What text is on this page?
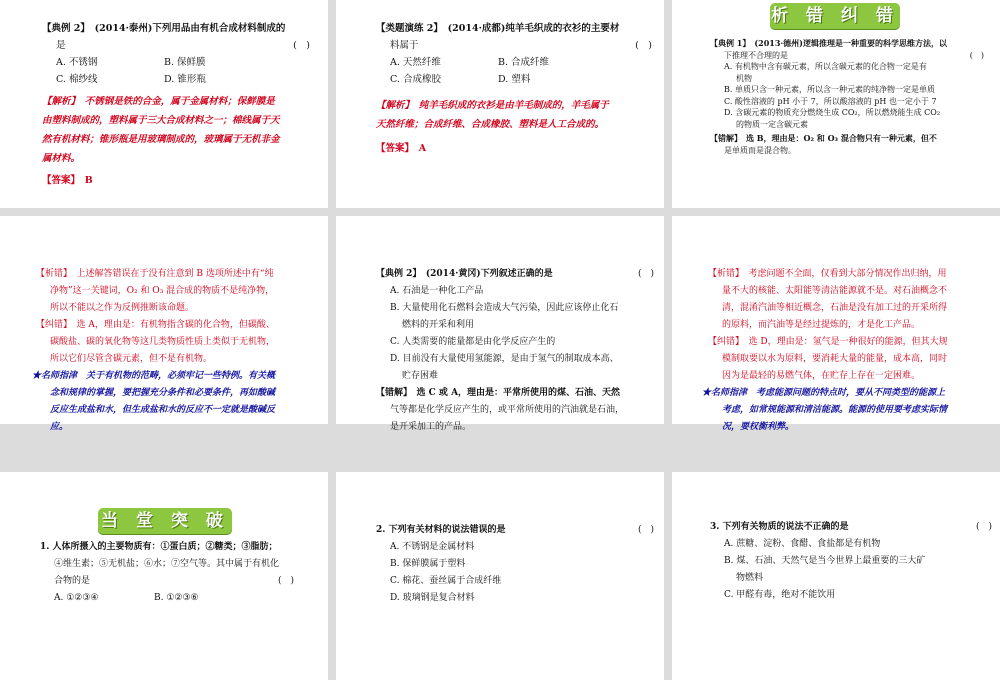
【典例 2】　(2014·泰州)下列用品由有机合成材料制成的
是	(　)
A. 不锈钢	B. 保鲜膜
C. 棉纱线	D. 锥形瓶
【解析】　不锈钢是铁的合金，属于金属材料；保鲜膜是
由塑料制成的，塑料属于三大合成材料之一；棉线属于天
然有机材料；锥形瓶是用玻璃制成的，玻璃属于无机非金
属材料。
【答案】　B
【类题演练 2】　(2014·成都)纯羊毛织成的衣衫的主要材
料属于	(　)
A. 天然纤维	B. 合成纤维
C. 合成橡胶	D. 塑料
【解析】　纯羊毛织成的衣衫是由羊毛制成的，羊毛属于
天然纤维；合成纤维、合成橡胶、塑料是人工合成的。
【答案】　A
析 错 纠 错
【典例 1】　(2013·德州)逻辑推理是一种重要的科学思维方法，以
下推理不合理的是	(　)
A. 有机物中含有碳元素，所以含碳元素的化合物一定是有
机物
B. 单质只含一种元素，所以含一种元素的纯净物一定是单质
C. 酸性溶液的 pH 小于 7，所以酸溶液的 pH 也一定小于 7
D. 含碳元素的物质充分燃烧生成 CO₂，所以燃烧能生成 CO₂
的物质一定含碳元素
【错解】　选 B，理由是：O₂ 和 O₃ 混合物只有一种元素，但不
是单质而是混合物。
【析错】　上述解答错误在于没有注意到 B 选项所述中有“纯
净物”这一关键词，O₂ 和 O₃ 混合成的物质不是纯净物，
所以不能以之作为反例推断该命题。
【纠错】　选 A，理由是：有机物指含碳的化合物，但碳酸、
碳酸盐、碳的氧化物等这几类物质性质上类似于无机物，
所以它们尽管含碳元素，但不是有机物。
★名师指津　关于有机物的范畴，必须牢记一些特例。有关概
念和规律的掌握，要把握充分条件和必要条件，再如酸碱
反应生成盐和水，但生成盐和水的反应不一定就是酸碱反
应。
【典例 2】　(2014·黄冈)下列叙述正确的是	(　)
A. 石油是一种化工产品
B. 大量使用化石燃料会造成大气污染，因此应该停止化石
燃料的开采和利用
C. 人类需要的能量都是由化学反应产生的
D. 目前没有大量使用氢能源，是由于氢气的制取成本高、
贮存困难
【错解】　选 C 或 A，理由是：平常所使用的煤、石油、天然
气等都是化学反应产生的，或平常所使用的汽油就是石油，
是开采加工的产品。
【析错】　考虑问题不全面，仅看到大部分情况作出归纳，用
量不大的核能、太阳能等清洁能源就不是。对石油概念不
清，混淆汽油等相近概念，石油是没有加工过的开采所得
的原料，而汽油等是经过提炼的，才是化工产品。
【纠错】　选 D，理由是：氢气是一种很好的能源，但其大规
模制取要以水为原料，要消耗大量的能量，成本高，同时
因为是最轻的易燃气体，在贮存上存在一定困难。
★名师指津　考虑能源问题的特点时，要从不同类型的能源上
考虑，如常规能源和清洁能源。能源的使用要考虑实际情
况，要权衡利弊。
当 堂 突 破
1. 人体所摄入的主要物质有：①蛋白质；②糖类；③脂肪；
④维生素；⑤无机盐；⑥水；⑦空气等。其中属于有机化
合物的是	(　)
A. ①②③④	B. ①②③⑥
2. 下列有关材料的说法错误的是	(　)
A. 不锈钢是金属材料
B. 保鲜膜属于塑料
C. 棉花、蚕丝属于合成纤维
D. 玻璃钢是复合材料
3. 下列有关物质的说法不正确的是	(　)
A. 蔗糖、淀粉、食醋、食盐都是有机物
B. 煤、石油、天然气是当今世界上最重要的三大矿
物燃料
C. 甲醛有毒，绝对不能饮用
